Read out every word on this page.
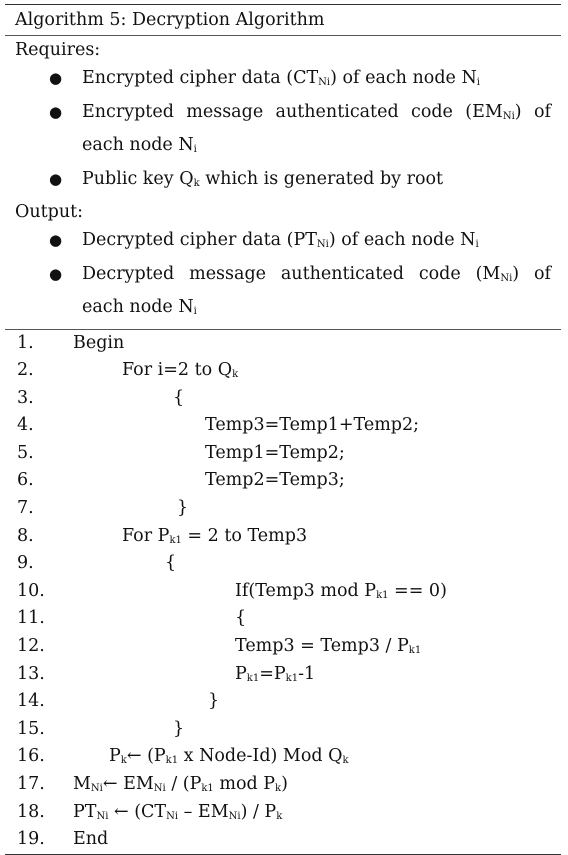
Algorithm 5: Decryption Algorithm
Requires:
● Encrypted cipher data $(CT_{Ni})$ of each node $N_i$
● Encrypted message authenticated code $(EM_{Ni})$ of each node $N_i$
● Public key $Q_k$ which is generated by root
Output:
● Decrypted cipher data $(PT_{Ni})$ of each node $N_i$
● Decrypted message authenticated code $(M_{Ni})$ of each node $N_i$
1. Begin
2.	For i=2 to $Q_k$
3.	{
4.	Temp3=Temp1+Temp2;
5.	Temp1=Temp2;
6.	Temp2=Temp3;
7.	}
8.	For $P_{k1} = 2$ to Temp3
9.	{
10.	If(Temp3 mod $P_{k1} == 0$)
11.	{
12.	Temp3 = Temp3 / $P_{k1}$
13.	$P_{k1}=P_{k1}-1$
14.	}
15.	}
16.	$P_k\leftarrow$ ($P_{k1}$ x Node-Id) Mod $Q_k$
17. $M_{Ni}\leftarrow$ $EM_{Ni} / (P_{k1}$ mod $P_k$)
18. $PT_{Ni}$ ← $(CT_{Ni} - EM_{Ni}) / P_k$
19. End
